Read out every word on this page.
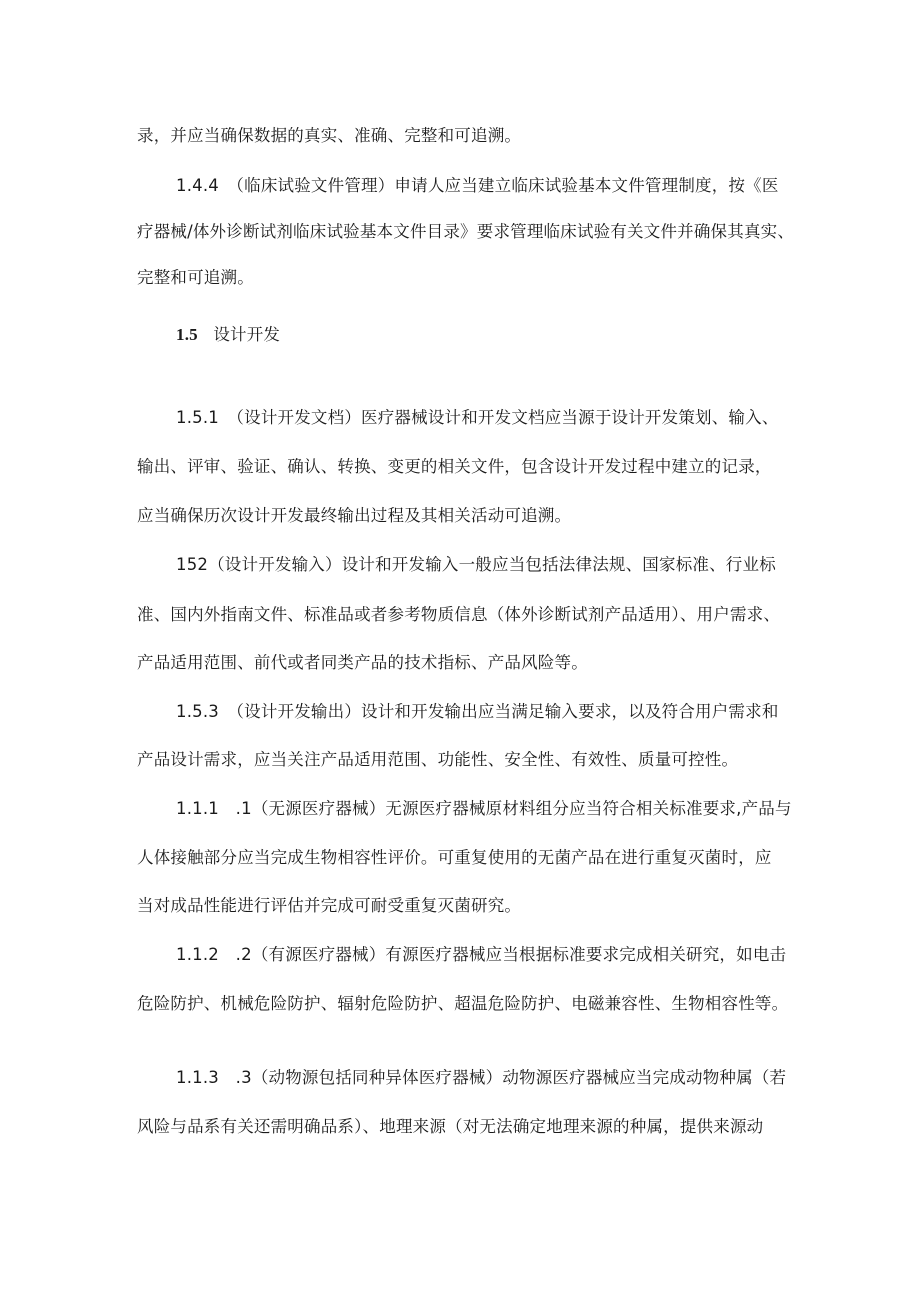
录，并应当确保数据的真实、准确、完整和可追溯。
1.4.4　（临床试验文件管理）申请人应当建立临床试验基本文件管理制度，按《医
疗器械/体外诊断试剂临床试验基本文件目录》要求管理临床试验有关文件并确保其真实、
完整和可追溯。
1.5 设计开发
1.5.1　（设计开发文档）医疗器械设计和开发文档应当源于设计开发策划、输入、
输出、评审、验证、确认、转换、变更的相关文件，包含设计开发过程中建立的记录，
应当确保历次设计开发最终输出过程及其相关活动可追溯。
152（设计开发输入）设计和开发输入一般应当包括法律法规、国家标准、行业标
准、国内外指南文件、标准品或者参考物质信息（体外诊断试剂产品适用）、用户需求、
产品适用范围、前代或者同类产品的技术指标、产品风险等。
1.5.3　（设计开发输出）设计和开发输出应当满足输入要求，以及符合用户需求和
产品设计需求，应当关注产品适用范围、功能性、安全性、有效性、质量可控性。
1.1.1　.1（无源医疗器械）无源医疗器械原材料组分应当符合相关标准要求,产品与
人体接触部分应当完成生物相容性评价。可重复使用的无菌产品在进行重复灭菌时，应
当对成品性能进行评估并完成可耐受重复灭菌研究。
1.1.2　.2（有源医疗器械）有源医疗器械应当根据标准要求完成相关研究，如电击
危险防护、机械危险防护、辐射危险防护、超温危险防护、电磁兼容性、生物相容性等。
1.1.3　.3（动物源包括同种异体医疗器械）动物源医疗器械应当完成动物种属（若
风险与品系有关还需明确品系）、地理来源（对无法确定地理来源的种属，提供来源动
